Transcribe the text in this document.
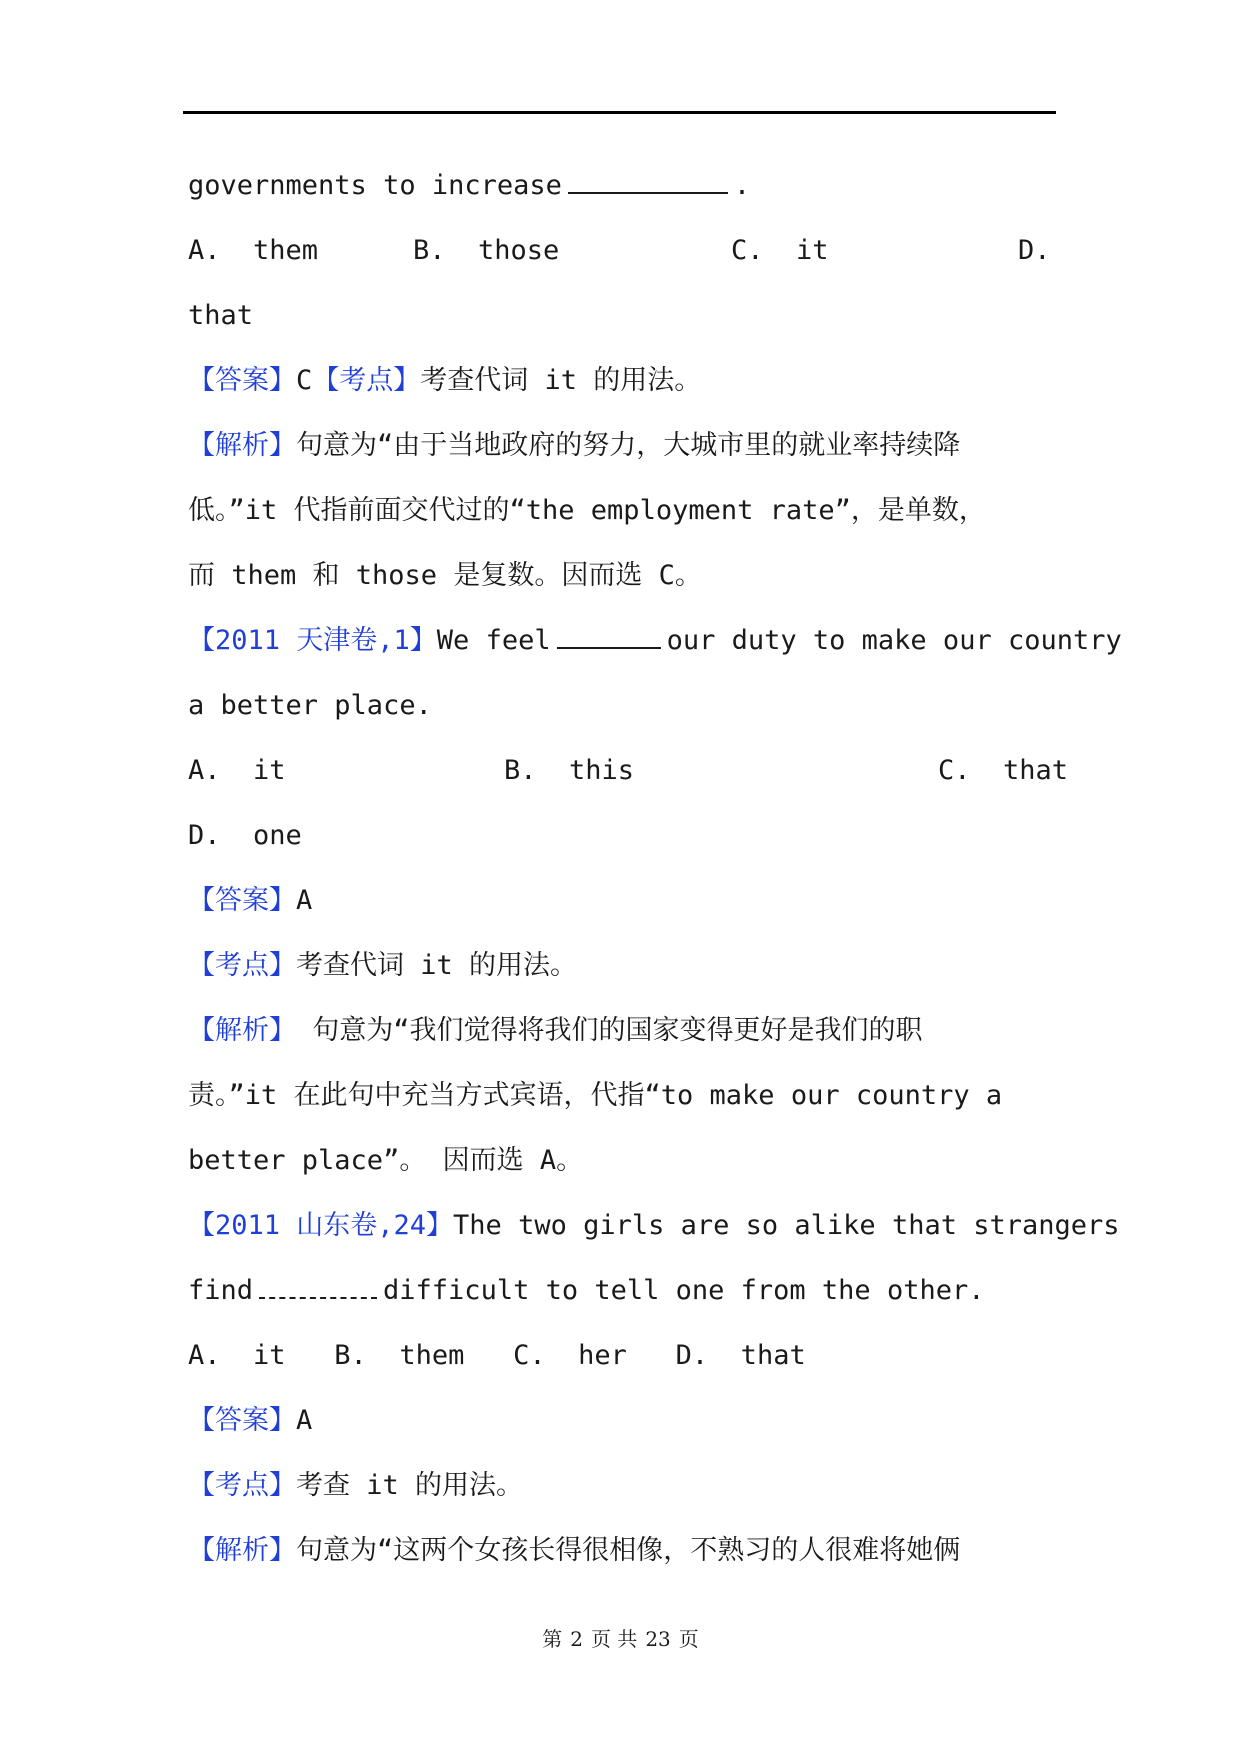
governments to increase	.

A.  them

	B.  those

	C.  it

	D.

that
【答案】C【考点】考查代词 it 的用法。
【解析】句意为“由于当地政府的努力，大城市里的就业率持续降
低。”it 代指前面交代过的“the employment rate”，是单数，
而 them 和 those 是复数。因而选 C。
【2011 天津卷,1】We feel	our duty to make our country
a better place.

A.  it

	B.  this

	C.  that

D.  one
【答案】A
【考点】考查代词 it 的用法。
【解析】 句意为“我们觉得将我们的国家变得更好是我们的职
责。”it 在此句中充当方式宾语，代指“to make our country a
better place”。 因而选 A。
【2011 山东卷,24】The two girls are so alike that strangers
find	difficult to tell one from the other.
A.  it   B.  them   C.  her   D.  that
【答案】A
【考点】考查 it 的用法。
【解析】句意为“这两个女孩长得很相像，不熟习的人很难将她俩
第 2 页 共 23 页
